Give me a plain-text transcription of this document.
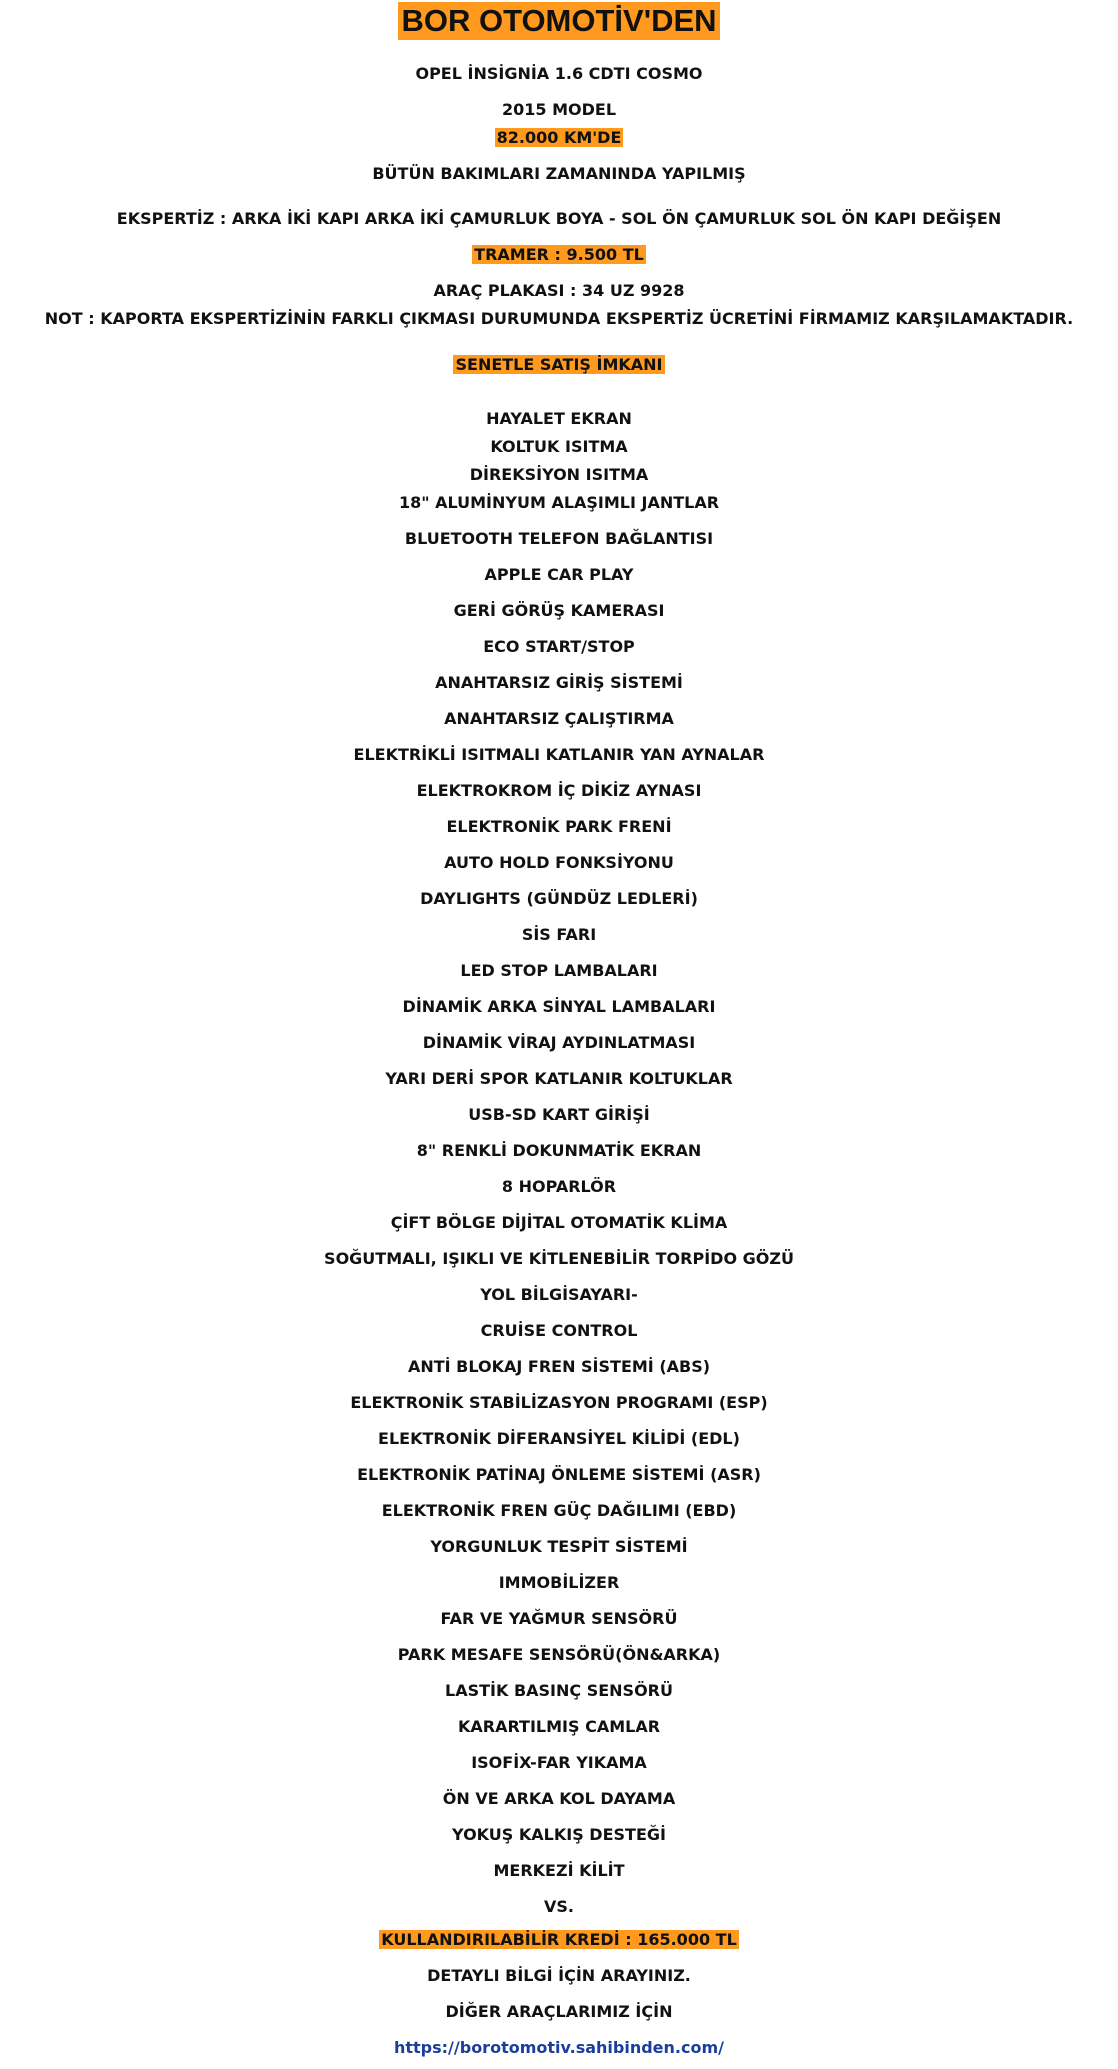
BOR OTOMOTİV'DEN
OPEL İNSİGNİA 1.6 CDTI COSMO
2015 MODEL
82.000 KM'DE
BÜTÜN BAKIMLARI ZAMANINDA YAPILMIŞ
EKSPERTİZ : ARKA İKİ KAPI ARKA İKİ ÇAMURLUK BOYA - SOL ÖN ÇAMURLUK SOL ÖN KAPI DEĞİŞEN
TRAMER : 9.500 TL
ARAÇ PLAKASI : 34 UZ 9928
NOT : KAPORTA EKSPERTİZİNİN FARKLI ÇIKMASI DURUMUNDA EKSPERTİZ ÜCRETİNİ FİRMAMIZ KARŞILAMAKTADIR.
SENETLE SATIŞ İMKANI
HAYALET EKRAN
KOLTUK ISITMA
DİREKSİYON ISITMA
18" ALUMİNYUM ALAŞIMLI JANTLAR
BLUETOOTH TELEFON BAĞLANTISI
APPLE CAR PLAY
GERİ GÖRÜŞ KAMERASI
ECO START/STOP
ANAHTARSIZ GİRİŞ SİSTEMİ
ANAHTARSIZ ÇALIŞTIRMA
ELEKTRİKLİ ISITMALI KATLANIR YAN AYNALAR
ELEKTROKROM İÇ DİKİZ AYNASI
ELEKTRONİK PARK FRENİ
AUTO HOLD FONKSİYONU
DAYLIGHTS (GÜNDÜZ LEDLERİ)
SİS FARI
LED STOP LAMBALARI
DİNAMİK ARKA SİNYAL LAMBALARI
DİNAMİK VİRAJ AYDINLATMASI
YARI DERİ SPOR KATLANIR KOLTUKLAR
USB-SD KART GİRİŞİ
8" RENKLİ DOKUNMATİK EKRAN
8 HOPARLÖR
ÇİFT BÖLGE DİJİTAL OTOMATİK KLİMA
SOĞUTMALI, IŞIKLI VE KİTLENEBİLİR TORPİDO GÖZÜ
YOL BİLGİSAYARI-
CRUİSE CONTROL
ANTİ BLOKAJ FREN SİSTEMİ (ABS)
ELEKTRONİK STABİLİZASYON PROGRAMI (ESP)
ELEKTRONİK DİFERANSİYEL KİLİDİ (EDL)
ELEKTRONİK PATİNAJ ÖNLEME SİSTEMİ (ASR)
ELEKTRONİK FREN GÜÇ DAĞILIMI (EBD)
YORGUNLUK TESPİT SİSTEMİ
IMMOBİLİZER
FAR VE YAĞMUR SENSÖRÜ
PARK MESAFE SENSÖRÜ(ÖN&ARKA)
LASTİK BASINÇ SENSÖRÜ
KARARTILMIŞ CAMLAR
ISOFİX-FAR YIKAMA
ÖN VE ARKA KOL DAYAMA
YOKUŞ KALKIŞ DESTEĞİ
MERKEZİ KİLİT
VS.
KULLANDIRILABİLİR KREDİ : 165.000 TL
DETAYLI BİLGİ İÇİN ARAYINIZ.
DİĞER ARAÇLARIMIZ İÇİN
https://borotomotiv.sahibinden.com/
